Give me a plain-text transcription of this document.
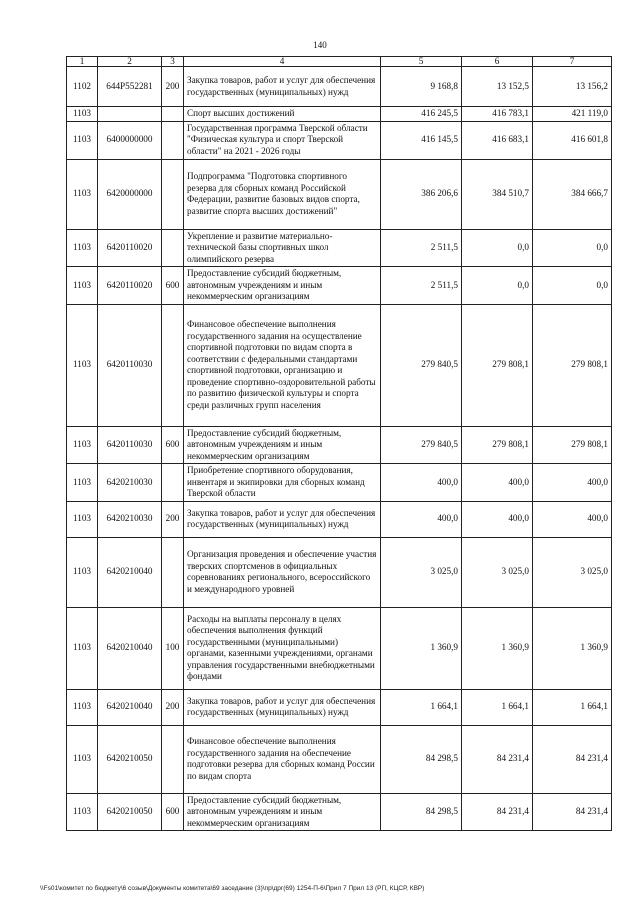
140
1	2	3	4	5	6	7
1102	644P552281	200	Закупка товаров, работ и услуг для обеспечения государственных (муниципальных) нужд	9 168,8	13 152,5	13 156,2
1103			Спорт высших достижений	416 245,5	416 783,1	421 119,0
1103	6400000000		Государственная программа Тверской области "Физическая культура и спорт Тверской области" на 2021 - 2026 годы	416 145,5	416 683,1	416 601,8
1103	6420000000		Подпрограмма "Подготовка спортивного резерва для сборных команд Российской Федерации, развитие базовых видов спорта, развитие спорта высших достижений"	386 206,6	384 510,7	384 666,7
1103	6420110020		Укрепление и развитие материально-технической базы спортивных школ олимпийского резерва	2 511,5	0,0	0,0
1103	6420110020	600	Предоставление субсидий бюджетным, автономным учреждениям и иным некоммерческим организациям	2 511,5	0,0	0,0
1103	6420110030		Финансовое обеспечение выполнения государственного задания на осуществление спортивной подготовки по видам спорта в соответствии с федеральными стандартами спортивной подготовки, организацию и проведение спортивно-оздоровительной работы по развитию физической культуры и спорта среди различных групп населения	279 840,5	279 808,1	279 808,1
1103	6420110030	600	Предоставление субсидий бюджетным, автономным учреждениям и иным некоммерческим организациям	279 840,5	279 808,1	279 808,1
1103	6420210030		Приобретение спортивного оборудования, инвентаря и экипировки для сборных команд Тверской области	400,0	400,0	400,0
1103	6420210030	200	Закупка товаров, работ и услуг для обеспечения государственных (муниципальных) нужд	400,0	400,0	400,0
1103	6420210040		Организация проведения и обеспечение участия тверских спортсменов в официальных соревнованиях регионального, всероссийского и международного уровней	3 025,0	3 025,0	3 025,0
1103	6420210040	100	Расходы на выплаты персоналу в целях обеспечения выполнения функций государственными (муниципальными) органами, казенными учреждениями, органами управления государственными внебюджетными фондами	1 360,9	1 360,9	1 360,9
1103	6420210040	200	Закупка товаров, работ и услуг для обеспечения государственных (муниципальных) нужд	1 664,1	1 664,1	1 664,1
1103	6420210050		Финансовое обеспечение выполнения государственного задания на обеспечение подготовки резерва для сборных команд России по видам спорта	84 298,5	84 231,4	84 231,4
1103	6420210050	600	Предоставление субсидий бюджетным, автономным учреждениям и иным некоммерческим организациям	84 298,5	84 231,4	84 231,4
\\Fs01\комитет по бюджету\6 созыв\Документы комитета\69 заседание (3)\пр\дрг(69) 1254-П-6\Прил 7 Прил 13 (РП, КЦСР, КВР)
